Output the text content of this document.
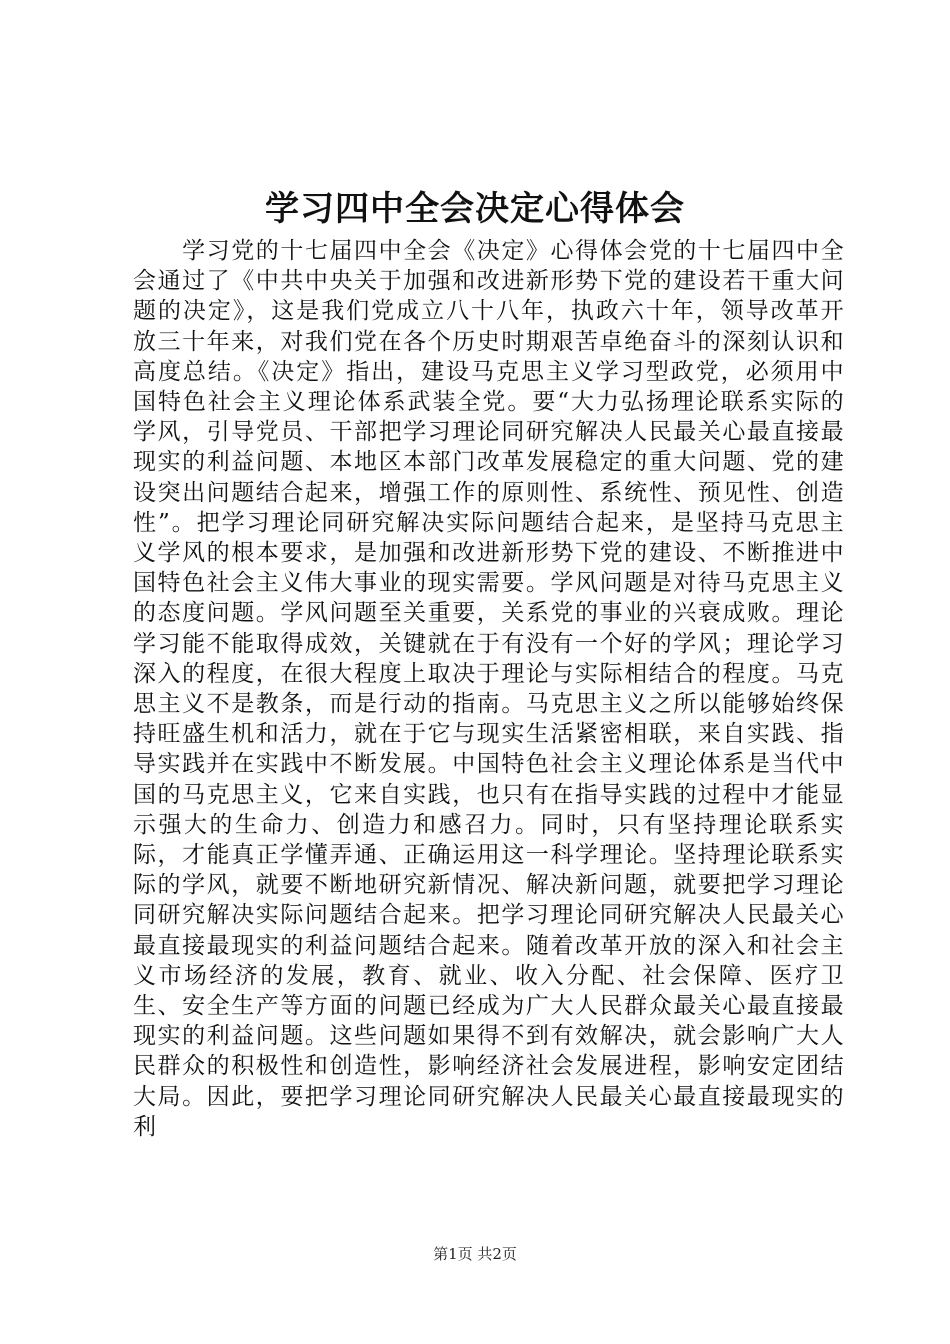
学习四中全会决定心得体会

　　学习党的十七届四中全会《决定》心得体会党的十七届四中全会通过了《中共中央关于加强和改进新形势下党的建设若干重大问题的决定》，这是我们党成立八十八年，执政六十年，领导改革开放三十年来，对我们党在各个历史时期艰苦卓绝奋斗的深刻认识和高度总结。《决定》指出，建设马克思主义学习型政党，必须用中国特色社会主义理论体系武装全党。要“大力弘扬理论联系实际的学风，引导党员、干部把学习理论同研究解决人民最关心最直接最现实的利益问题、本地区本部门改革发展稳定的重大问题、党的建设突出问题结合起来，增强工作的原则性、系统性、预见性、创造性”。把学习理论同研究解决实际问题结合起来，是坚持马克思主义学风的根本要求，是加强和改进新形势下党的建设、不断推进中国特色社会主义伟大事业的现实需要。学风问题是对待马克思主义的态度问题。学风问题至关重要，关系党的事业的兴衰成败。理论学习能不能取得成效，关键就在于有没有一个好的学风；理论学习深入的程度，在很大程度上取决于理论与实际相结合的程度。马克思主义不是教条，而是行动的指南。马克思主义之所以能够始终保持旺盛生机和活力，就在于它与现实生活紧密相联，来自实践、指导实践并在实践中不断发展。中国特色社会主义理论体系是当代中国的马克思主义，它来自实践，也只有在指导实践的过程中才能显示强大的生命力、创造力和感召力。同时，只有坚持理论联系实际，才能真正学懂弄通、正确运用这一科学理论。坚持理论联系实际的学风，就要不断地研究新情况、解决新问题，就要把学习理论同研究解决实际问题结合起来。把学习理论同研究解决人民最关心最直接最现实的利益问题结合起来。随着改革开放的深入和社会主义市场经济的发展，教育、就业、收入分配、社会保障、医疗卫生、安全生产等方面的问题已经成为广大人民群众最关心最直接最现实的利益问题。这些问题如果得不到有效解决，就会影响广大人民群众的积极性和创造性，影响经济社会发展进程，影响安定团结大局。因此，要把学习理论同研究解决人民最关心最直接最现实的利

第1页 共2页
